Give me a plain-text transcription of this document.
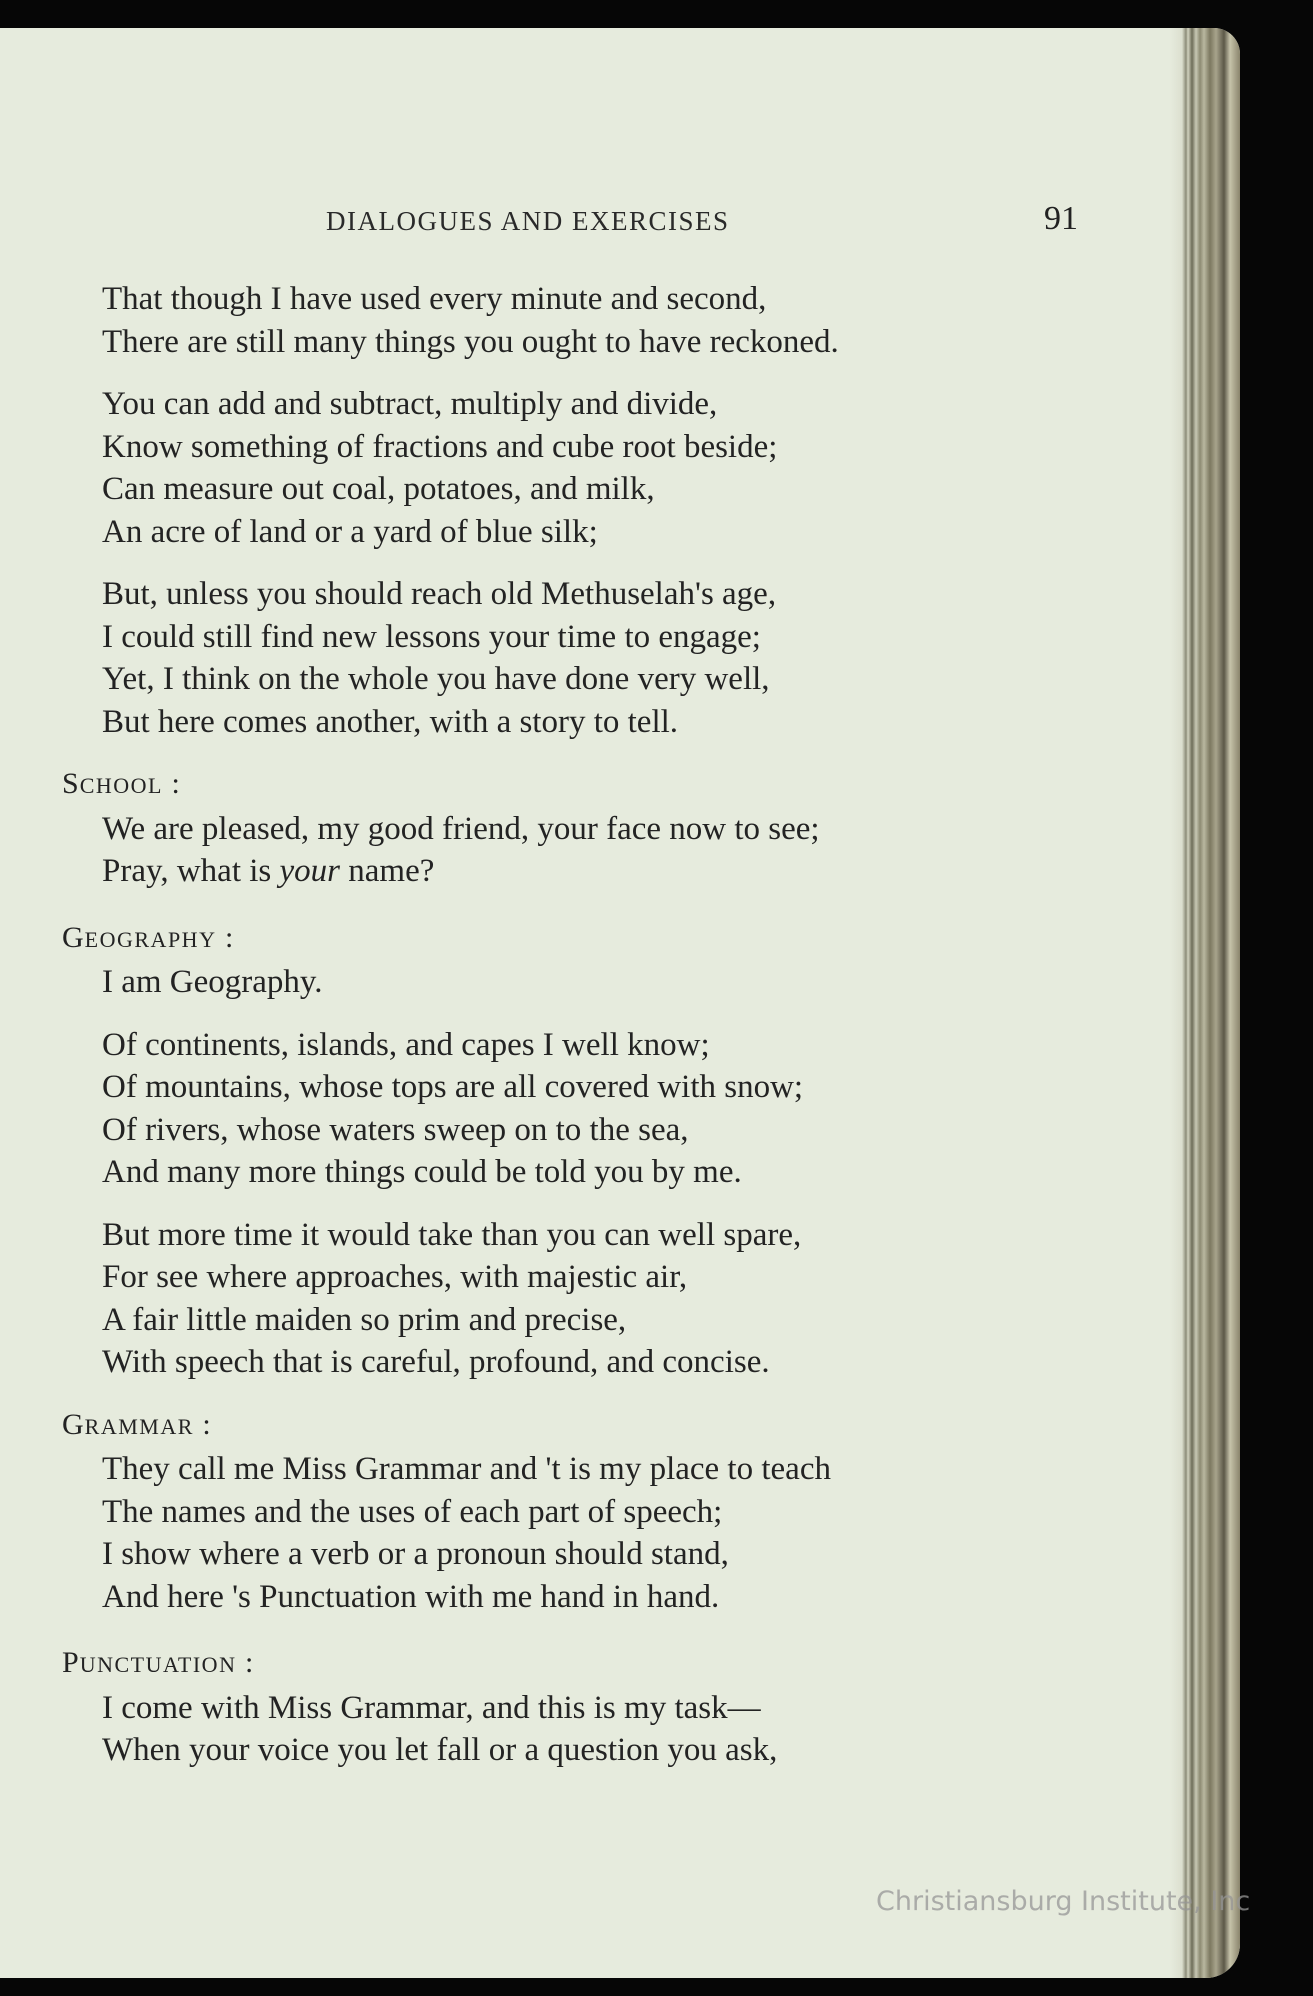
DIALOGUES AND EXERCISES	91
That though I have used every minute and second,
There are still many things you ought to have reckoned.
You can add and subtract, multiply and divide,
Know something of fractions and cube root beside;
Can measure out coal, potatoes, and milk,
An acre of land or a yard of blue silk;
But, unless you should reach old Methuselah's age,
I could still find new lessons your time to engage;
Yet, I think on the whole you have done very well,
But here comes another, with a story to tell.
SCHOOL :
We are pleased, my good friend, your face now to see;
Pray, what is your name?
GEOGRAPHY :
I am Geography.
Of continents, islands, and capes I well know;
Of mountains, whose tops are all covered with snow;
Of rivers, whose waters sweep on to the sea,
And many more things could be told you by me.
But more time it would take than you can well spare,
For see where approaches, with majestic air,
A fair little maiden so prim and precise,
With speech that is careful, profound, and concise.
GRAMMAR :
They call me Miss Grammar and 't is my place to teach
The names and the uses of each part of speech;
I show where a verb or a pronoun should stand,
And here 's Punctuation with me hand in hand.
PUNCTUATION :
I come with Miss Grammar, and this is my task—
When your voice you let fall or a question you ask,
Christiansburg Institute, Inc
